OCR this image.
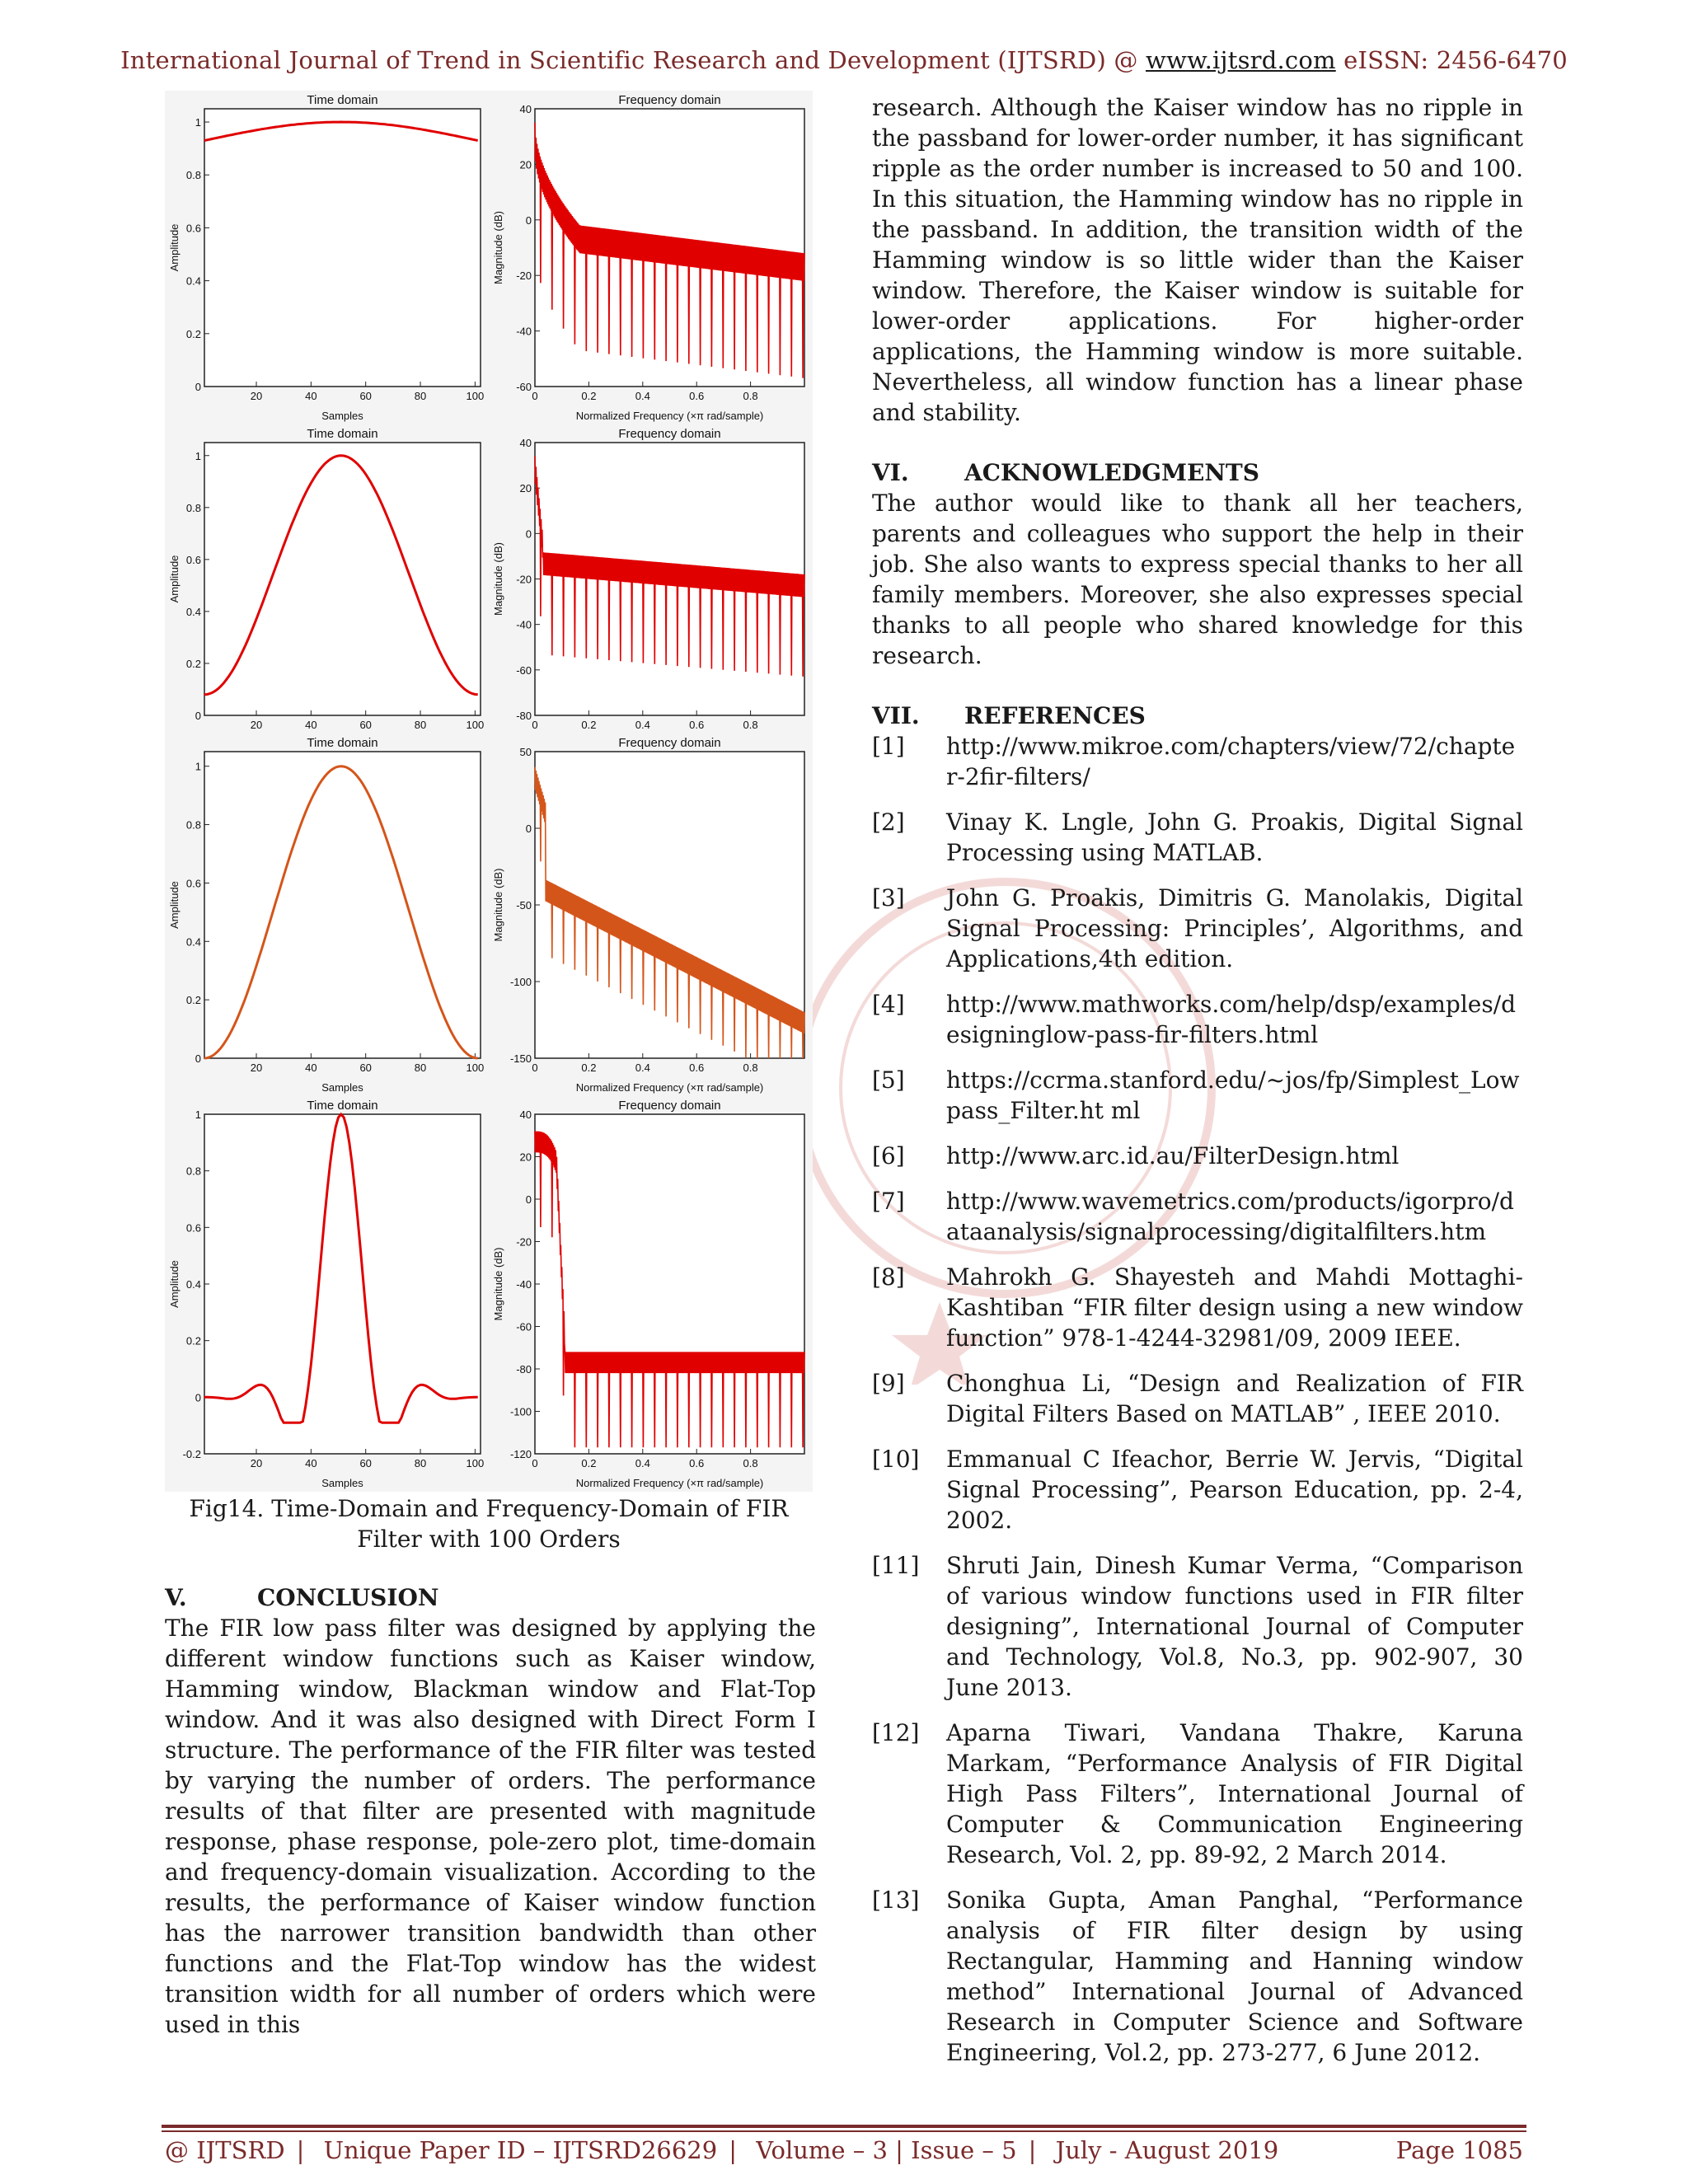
International Journal of Trend in Scientific Research and Development (IJTSRD) @ www.ijtsrd.com eISSN: 2456-6470
Time domain
Samples
Amplitude
0
0.2
0.4
0.6
0.8
1
20	40	60	80	100
Frequency domain
Normalized Frequency (×π rad/sample)
Magnitude (dB)
40
20
0
-20
-40
-60
0	0.2	0.4	0.6	0.8
Time domain
Amplitude
0
0.2
0.4
0.6
0.8
1
20	40	60	80	100
Frequency domain
Magnitude (dB)
40
20
0
-20
-40
-60
-80
0	0.2	0.4	0.6	0.8
Time domain
Samples
Amplitude
0
0.2
0.4
0.6
0.8
1
20	40	60	80	100
Frequency domain
Normalized Frequency (×π rad/sample)
Magnitude (dB)
50
0
-50
-100
-150
0	0.2	0.4	0.6	0.8
Time domain
Samples
Amplitude
1
0.8
0.6
0.4
0.2
0
-0.2
20	40	60	80	100
Frequency domain
Normalized Frequency (×π rad/sample)
Magnitude (dB)
40
20
0
-20
-40
-60
-80
-100
-120
0	0.2	0.4	0.6	0.8
Fig14. Time-Domain and Frequency-Domain of FIR Filter with 100 Orders
V.	CONCLUSION

The FIR low pass filter was designed by applying the different window functions such as Kaiser window, Hamming window, Blackman window and Flat-Top window. And it was also designed with Direct Form I structure. The performance of the FIR filter was tested by varying the number of orders. The performance results of that filter are presented with magnitude response, phase response, pole-zero plot, time-domain and frequency-domain visualization. According to the results, the performance of Kaiser window function has the narrower transition bandwidth than other functions and the Flat-Top window has the widest transition width for all number of orders which were used in this

research. Although the Kaiser window has no ripple in the passband for lower-order number, it has significant ripple as the order number is increased to 50 and 100. In this situation, the Hamming window has no ripple in the passband. In addition, the transition width of the Hamming window is so little wider than the Kaiser window. Therefore, the Kaiser window is suitable for lower-order applications. For higher-order applications, the Hamming window is more suitable. Nevertheless, all window function has a linear phase and stability.

VI.	ACKNOWLEDGMENTS

The author would like to thank all her teachers, parents and colleagues who support the help in their job. She also wants to express special thanks to her all family members. Moreover, she also expresses special thanks to all people who shared knowledge for this research.

VII.	REFERENCES
[1]	http://www.mikroe.com/chapters/view/72/chapter-2fir-filters/
[2]	Vinay K. Lngle, John G. Proakis, Digital Signal Processing using MATLAB.
[3]	John G. Proakis, Dimitris G. Manolakis, Digital Signal Processing: Principles’, Algorithms, and Applications,4th edition.
[4]	http://www.mathworks.com/help/dsp/examples/designinglow-pass-fir-filters.html
[5]	https://ccrma.stanford.edu/~jos/fp/Simplest_Lowpass_Filter.ht ml
[6]	http://www.arc.id.au/FilterDesign.html
[7]	http://www.wavemetrics.com/products/igorpro/dataanalysis/signalprocessing/digitalfilters.htm
[8]	Mahrokh G. Shayesteh and Mahdi Mottaghi-Kashtiban “FIR filter design using a new window function” 978-1-4244-32981/09, 2009 IEEE.
[9]	Chonghua Li, “Design and Realization of FIR Digital Filters Based on MATLAB” , IEEE 2010.
[10]	Emmanual C Ifeachor, Berrie W. Jervis, “Digital Signal Processing”, Pearson Education, pp. 2-4, 2002.
[11]	Shruti Jain, Dinesh Kumar Verma, “Comparison of various window functions used in FIR filter designing”, International Journal of Computer and Technology, Vol.8, No.3, pp. 902-907, 30 June 2013.
[12]	Aparna Tiwari, Vandana Thakre, Karuna Markam, “Performance Analysis of FIR Digital High Pass Filters”, International Journal of Computer & Communication Engineering Research, Vol. 2, pp. 89-92, 2 March 2014.
[13]	Sonika Gupta, Aman Panghal, “Performance analysis of FIR filter design by using Rectangular, Hamming and Hanning window method” International Journal of Advanced Research in Computer Science and Software Engineering, Vol.2, pp. 273-277, 6 June 2012.
@ IJTSRD | Unique Paper ID – IJTSRD26629 | Volume – 3 | Issue – 5 | July - August 2019	Page 1085
